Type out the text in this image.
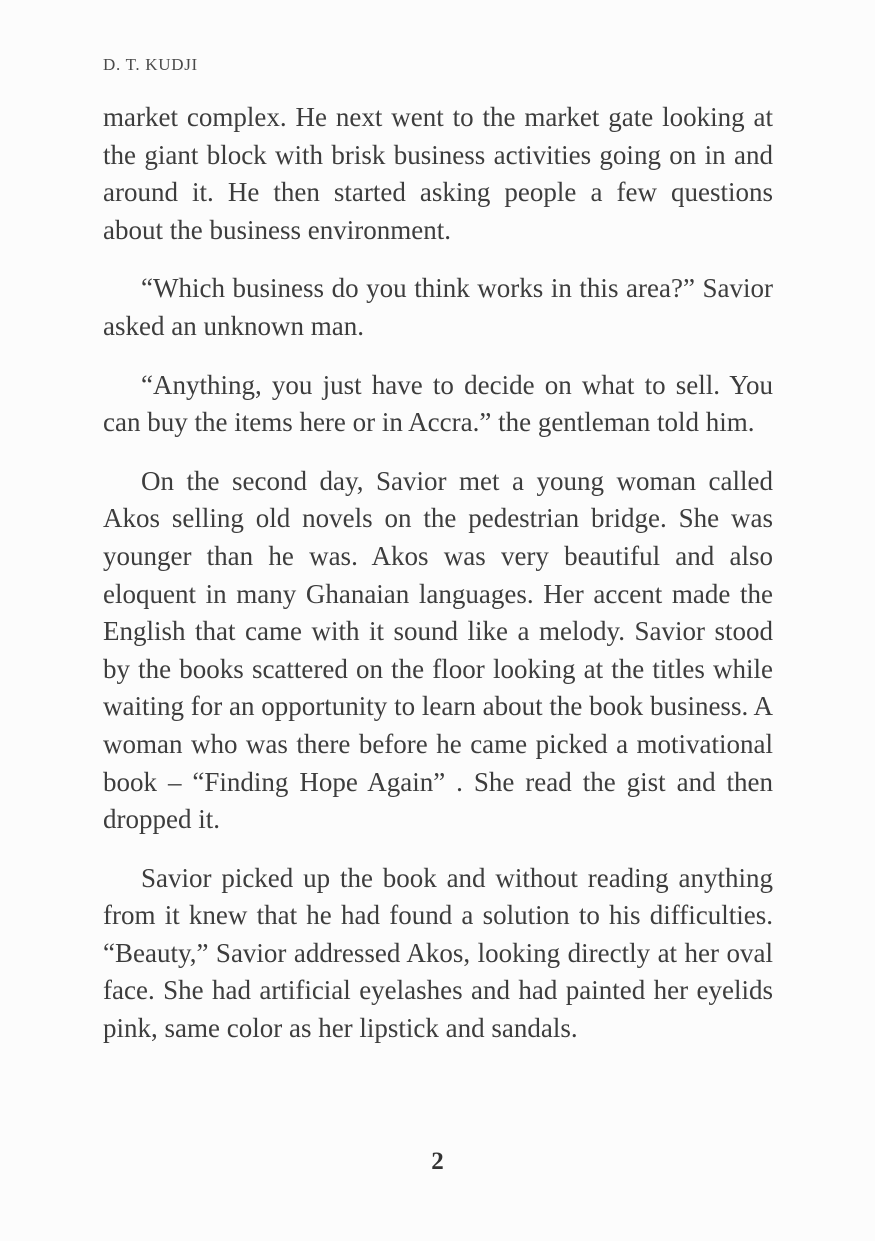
D. T. KUDJI

market complex. He next went to the market gate looking at the giant block with brisk business activities going on in and around it. He then started asking people a few questions about the business environment.

“Which business do you think works in this area?” Savior asked an unknown man.

“Anything, you just have to decide on what to sell. You can buy the items here or in Accra.” the gentleman told him.

On the second day, Savior met a young woman called Akos selling old novels on the pedestrian bridge. She was younger than he was. Akos was very beautiful and also eloquent in many Ghanaian languages. Her accent made the English that came with it sound like a melody. Savior stood by the books scattered on the floor looking at the titles while waiting for an opportunity to learn about the book business. A woman who was there before he came picked a motivational book – “Finding Hope Again” . She read the gist and then dropped it.

Savior picked up the book and without reading anything from it knew that he had found a solution to his difficulties. “Beauty,” Savior addressed Akos, looking directly at her oval face. She had artificial eyelashes and had painted her eyelids pink, same color as her lipstick and sandals.

2
